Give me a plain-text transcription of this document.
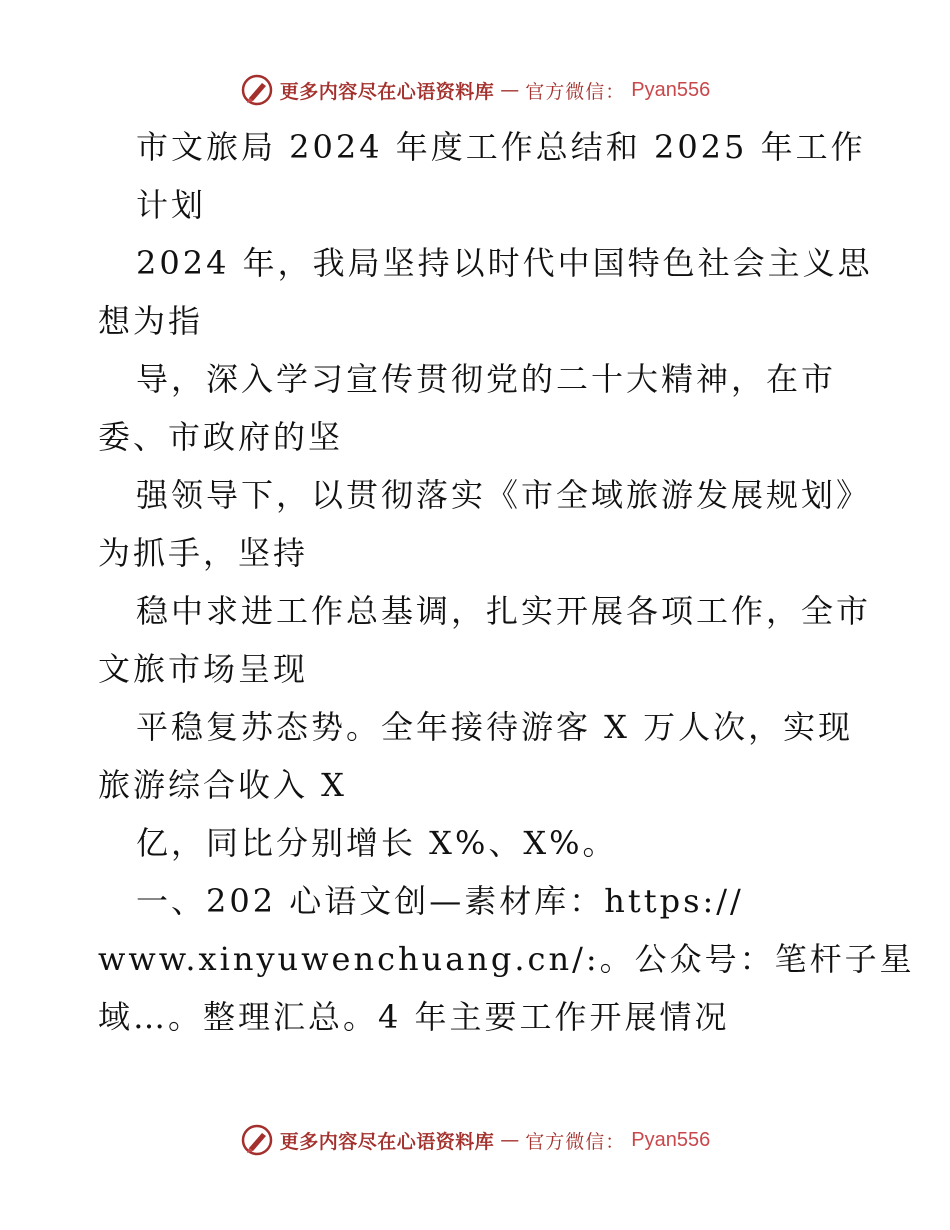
更多内容尽在心语资料库 — 官方微信： Pyan556
市文旅局 2024 年度工作总结和 2025 年工作
计划
2024 年，我局坚持以时代中国特色社会主义思
想为指
导，深入学习宣传贯彻党的二十大精神，在市
委、市政府的坚
强领导下，以贯彻落实《市全域旅游发展规划》
为抓手，坚持
稳中求进工作总基调，扎实开展各项工作，全市
文旅市场呈现
平稳复苏态势。全年接待游客 X 万人次，实现
旅游综合收入 X
亿，同比分别增长 X%、X%。
一、202 心语文创—素材库：https://
www.xinyuwenchuang.cn/:。公众号：笔杆子星
域…。整理汇总。4 年主要工作开展情况
更多内容尽在心语资料库 — 官方微信： Pyan556
